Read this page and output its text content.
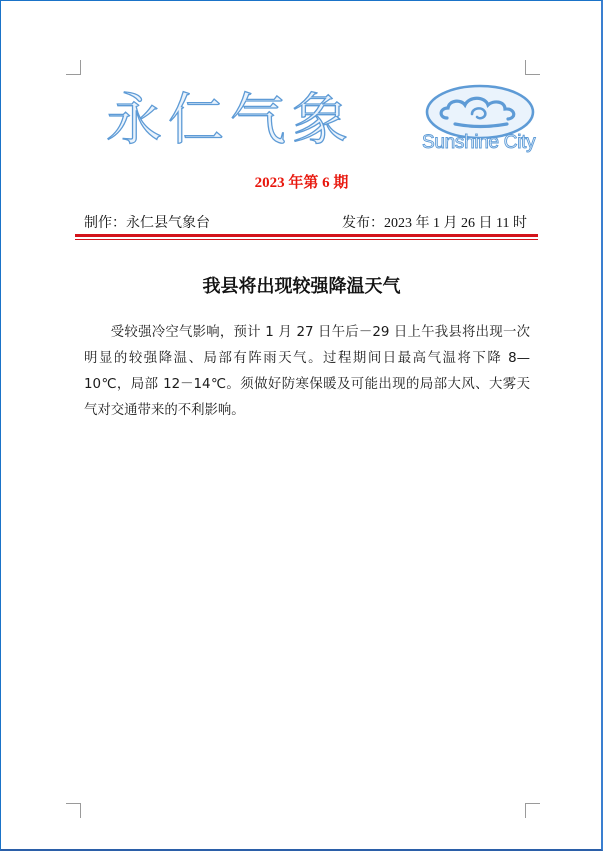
永仁气象	Sunshine City
2023 年第 6 期
制作：永仁县气象台	发布：2023 年 1 月 26 日 11 时
我县将出现较强降温天气
受较强冷空气影响，预计 1 月 27 日午后－29 日上午我县将出现一次明显的较强降温、局部有阵雨天气。过程期间日最高气温将下降 8—10℃，局部 12－14℃。须做好防寒保暖及可能出现的局部大风、大雾天气对交通带来的不利影响。
